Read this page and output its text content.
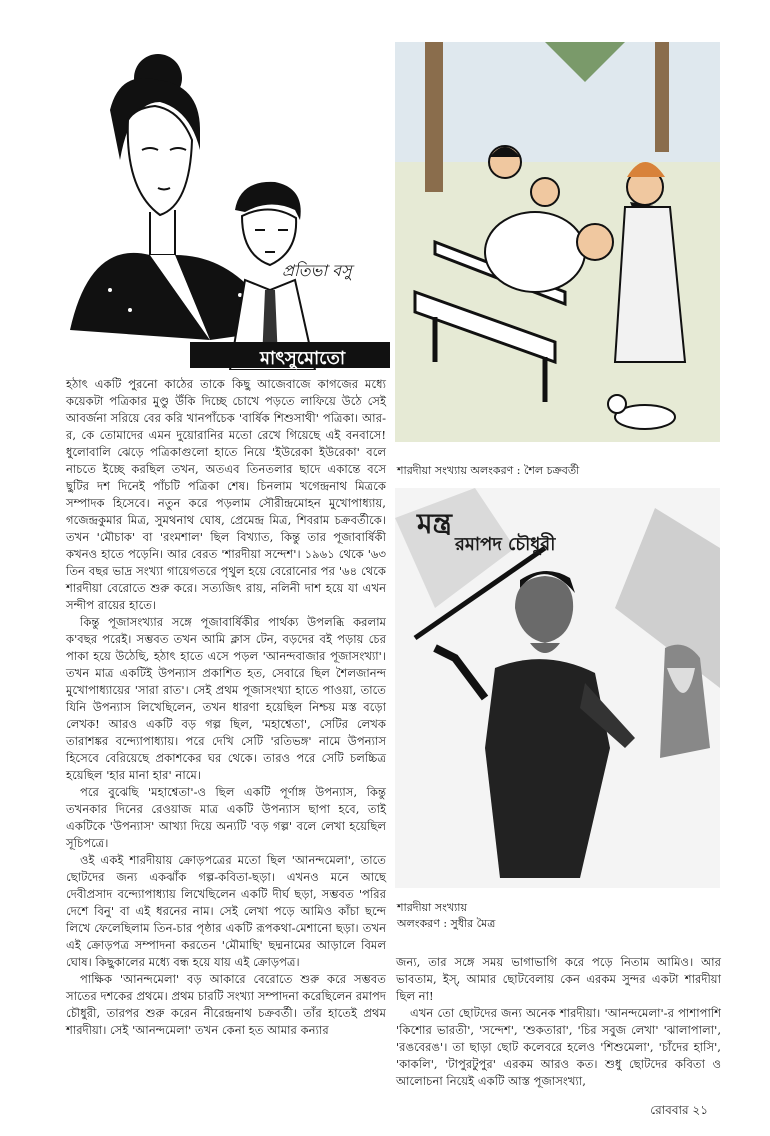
প্রতিভা বসু
মাৎসুমোতো
শারদীয়া সংখ্যায় অলংকরণ : শৈল চক্রবর্তী
মন্ত্র
রমাপদ চৌধুরী
শারদীয়া সংখ্যায়
অলংকরণ : সুধীর মৈত্র

হঠাৎ একটি পুরনো কাঠের তাকে কিছু আজেবাজে কাগজের মধ্যে কয়েকটা পত্রিকার মুণ্ডু উঁকি দিচ্ছে চোখে পড়তে লাফিয়ে উঠে সেই আবর্জনা সরিয়ে বের করি খানপাঁচেক 'বার্ষিক শিশুসাথী' পত্রিকা। আর-র, কে তোমাদের এমন দুয়োরানির মতো রেখে গিয়েছে এই বনবাসে! ধুলোবালি ঝেড়ে পত্রিকাগুলো হাতে নিয়ে 'ইউরেকা ইউরেকা' বলে নাচতে ইচ্ছে করছিল তখন, অতএব তিনতলার ছাদে একান্তে বসে ছুটির দশ দিনেই পাঁচটি পত্রিকা শেষ। চিনলাম খগেন্দ্রনাথ মিত্রকে সম্পাদক হিসেবে। নতুন করে পড়লাম সৌরীন্দ্রমোহন মুখোপাধ্যায়, গজেন্দ্রকুমার মিত্র, সুমথনাথ ঘোষ, প্রেমেন্দ্র মিত্র, শিবরাম চক্রবর্তীকে। তখন 'মৌচাক' বা 'রংমশাল' ছিল বিখ্যাত, কিন্তু তার পূজাবার্ষিকী কখনও হাতে পড়েনি। আর বেরত 'শারদীয়া সন্দেশ'। ১৯৬১ থেকে '৬৩ তিন বছর ভাদ্র সংখ্যা গায়েগতরে পৃথুল হয়ে বেরোনোর পর '৬৪ থেকে শারদীয়া বেরোতে শুরু করে। সত্যজিৎ রায়, নলিনী দাশ হয়ে যা এখন সন্দীপ রায়ের হাতে।

কিন্তু পূজাসংখ্যার সঙ্গে পূজাবার্ষিকীর পার্থক্য উপলব্ধি করলাম ক'বছর পরেই। সম্ভবত তখন আমি ক্লাস টেন, বড়দের বই পড়ায় চের পাকা হয়ে উঠেছি, হঠাৎ হাতে এসে পড়ল 'আনন্দবাজার পূজাসংখ্যা'। তখন মাত্র একটিই উপন্যাস প্রকাশিত হত, সেবারে ছিল শৈলজানন্দ মুখোপাধ্যায়ের 'সারা রাত'। সেই প্রথম পূজাসংখ্যা হাতে পাওয়া, তাতে যিনি উপন্যাস লিখেছিলেন, তখন ধারণা হয়েছিল নিশ্চয় মস্ত বড়ো লেখক! আরও একটি বড় গল্প ছিল, 'মহাশ্বেতা', সেটির লেখক তারাশঙ্কর বন্দ্যোপাধ্যায়। পরে দেখি সেটি 'রতিভঙ্গ' নামে উপন্যাস হিসেবে বেরিয়েছে প্রকাশকের ঘর থেকে। তারও পরে সেটি চলচ্চিত্র হয়েছিল 'হার মানা হার' নামে।

পরে বুঝেছি 'মহাশ্বেতা'-ও ছিল একটি পূর্ণাঙ্গ উপন্যাস, কিন্তু তখনকার দিনের রেওয়াজ মাত্র একটি উপন্যাস ছাপা হবে, তাই একটিকে 'উপন্যাস' আখ্যা দিয়ে অন্যটি 'বড় গল্প' বলে লেখা হয়েছিল সূচিপত্রে।

ওই একই শারদীয়ায় ক্রোড়পত্রের মতো ছিল 'আনন্দমেলা', তাতে ছোটদের জন্য একঝাঁক গল্প-কবিতা-ছড়া। এখনও মনে আছে দেবীপ্রসাদ বন্দ্যোপাধ্যায় লিখেছিলেন একটি দীর্ঘ ছড়া, সম্ভবত 'পরির দেশে বিনু' বা এই ধরনের নাম। সেই লেখা পড়ে আমিও কাঁচা ছন্দে লিখে ফেলেছিলাম তিন-চার পৃষ্ঠার একটি রূপকথা-মেশানো ছড়া। তখন এই ক্রোড়পত্র সম্পাদনা করতেন 'মৌমাছি' ছদ্মনামের আড়ালে বিমল ঘোষ। কিছুকালের মধ্যে বন্ধ হয়ে যায় এই ক্রোড়পত্র।

পাক্ষিক 'আনন্দমেলা' বড় আকারে বেরোতে শুরু করে সম্ভবত সাতের দশকের প্রথমে। প্রথম চারটি সংখ্যা সম্পাদনা করেছিলেন রমাপদ চৌধুরী, তারপর শুরু করেন নীরেন্দ্রনাথ চক্রবর্তী। তাঁর হাতেই প্রথম শারদীয়া। সেই 'আনন্দমেলা' তখন কেনা হত আমার কন্যার

জন্য, তার সঙ্গে সময় ভাগাভাগি করে পড়ে নিতাম আমিও। আর ভাবতাম, ইস্‌, আমার ছোটবেলায় কেন এরকম সুন্দর একটা শারদীয়া ছিল না!

এখন তো ছোটদের জন্য অনেক শারদীয়া। 'আনন্দমেলা'-র পাশাপাশি 'কিশোর ভারতী', 'সন্দেশ', 'শুকতারা', 'চির সবুজ লেখা' 'ঝালাপালা', 'রঙবেরঙ'। তা ছাড়া ছোট কলেবরে হলেও 'শিশুমেলা', 'চাঁদের হাসি', 'কাকলি', 'টাপুরটুপুর' এরকম আরও কত। শুধু ছোটদের কবিতা ও আলোচনা নিয়েই একটি আস্ত পূজাসংখ্যা,

রোববার ২১
